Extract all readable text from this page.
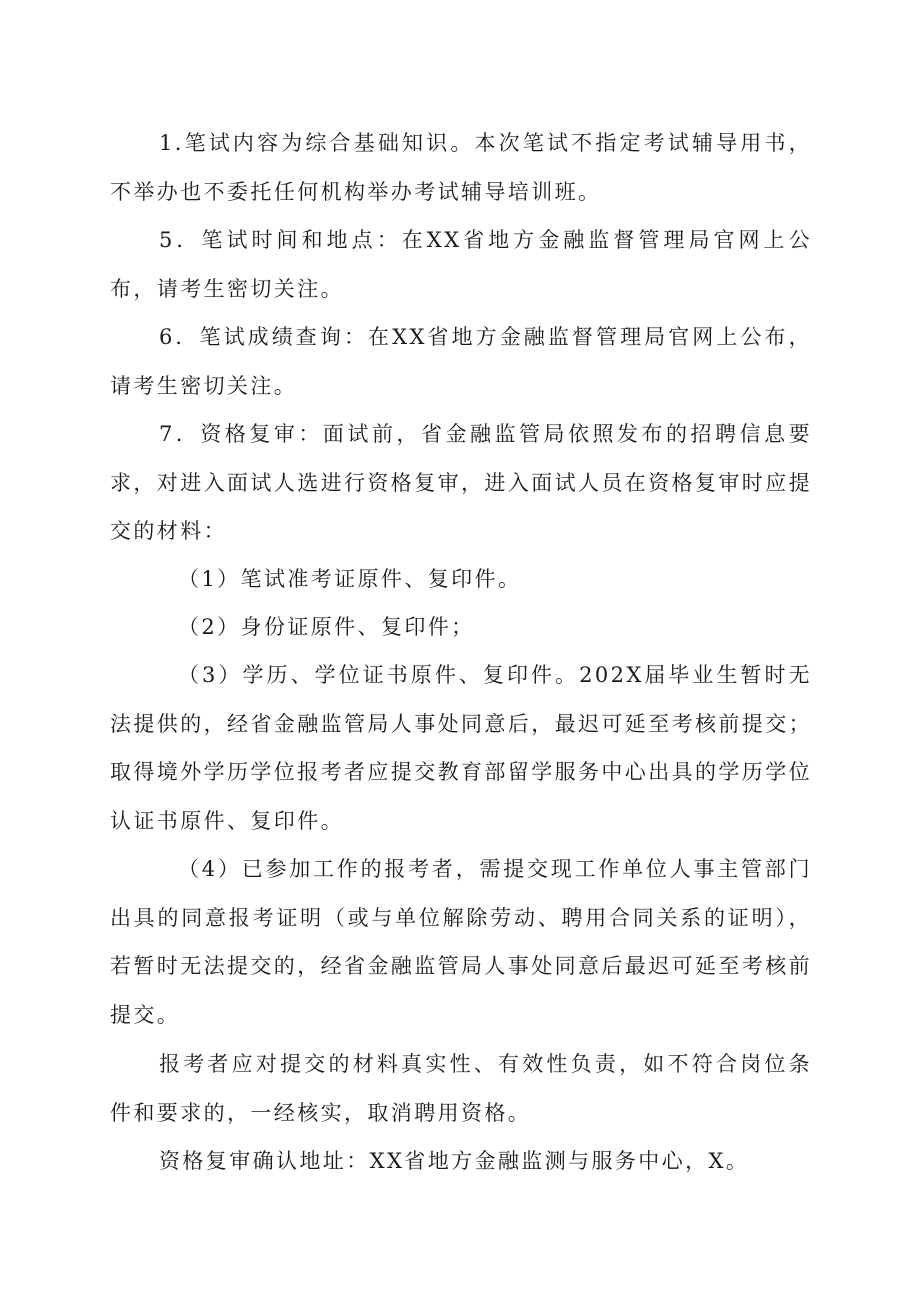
1.笔试内容为综合基础知识。本次笔试不指定考试辅导用书，不举办也不委托任何机构举办考试辅导培训班。

5．笔试时间和地点：在XX省地方金融监督管理局官网上公布，请考生密切关注。

6．笔试成绩查询：在XX省地方金融监督管理局官网上公布，请考生密切关注。

7．资格复审：面试前，省金融监管局依照发布的招聘信息要求，对进入面试人选进行资格复审，进入面试人员在资格复审时应提交的材料：

（1）笔试准考证原件、复印件。

（2）身份证原件、复印件；

（3）学历、学位证书原件、复印件。202X届毕业生暂时无法提供的，经省金融监管局人事处同意后，最迟可延至考核前提交；取得境外学历学位报考者应提交教育部留学服务中心出具的学历学位认证书原件、复印件。

（4）已参加工作的报考者，需提交现工作单位人事主管部门出具的同意报考证明（或与单位解除劳动、聘用合同关系的证明），若暂时无法提交的，经省金融监管局人事处同意后最迟可延至考核前提交。

报考者应对提交的材料真实性、有效性负责，如不符合岗位条件和要求的，一经核实，取消聘用资格。

资格复审确认地址：XX省地方金融监测与服务中心，X。
